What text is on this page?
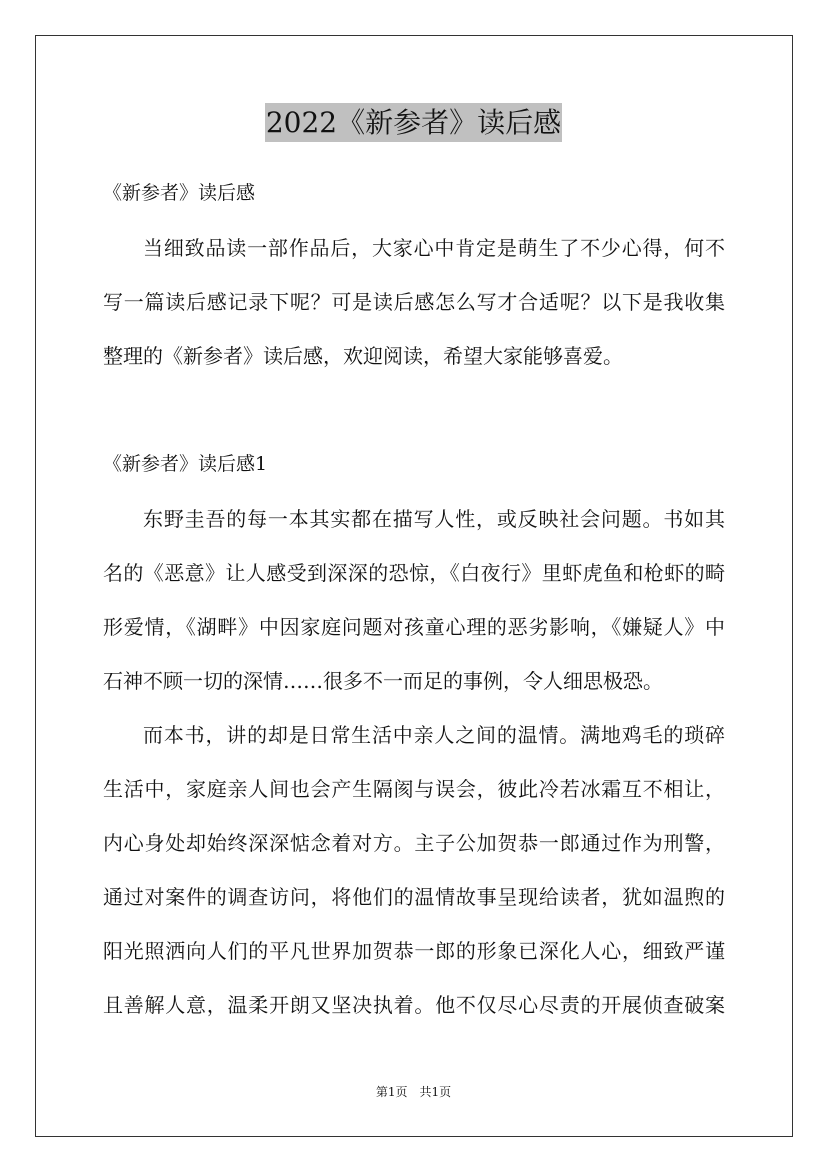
2022《新参者》读后感
《新参者》读后感
当细致品读一部作品后，大家心中肯定是萌生了不少心得，何不
写一篇读后感记录下呢？可是读后感怎么写才合适呢？以下是我收集
整理的《新参者》读后感，欢迎阅读，希望大家能够喜爱。
《新参者》读后感1
东野圭吾的每一本其实都在描写人性，或反映社会问题。书如其
名的《恶意》让人感受到深深的恐惊，《白夜行》里虾虎鱼和枪虾的畸
形爱情，《湖畔》中因家庭问题对孩童心理的恶劣影响，《嫌疑人》中
石神不顾一切的深情……很多不一而足的事例，令人细思极恐。
而本书，讲的却是日常生活中亲人之间的温情。满地鸡毛的琐碎
生活中，家庭亲人间也会产生隔阂与误会，彼此冷若冰霜互不相让，
内心身处却始终深深惦念着对方。主子公加贺恭一郎通过作为刑警，
通过对案件的调查访问，将他们的温情故事呈现给读者，犹如温煦的
阳光照洒向人们的平凡世界加贺恭一郎的形象已深化人心，细致严谨
且善解人意，温柔开朗又坚决执着。他不仅尽心尽责的开展侦查破案
第1页 共1页
